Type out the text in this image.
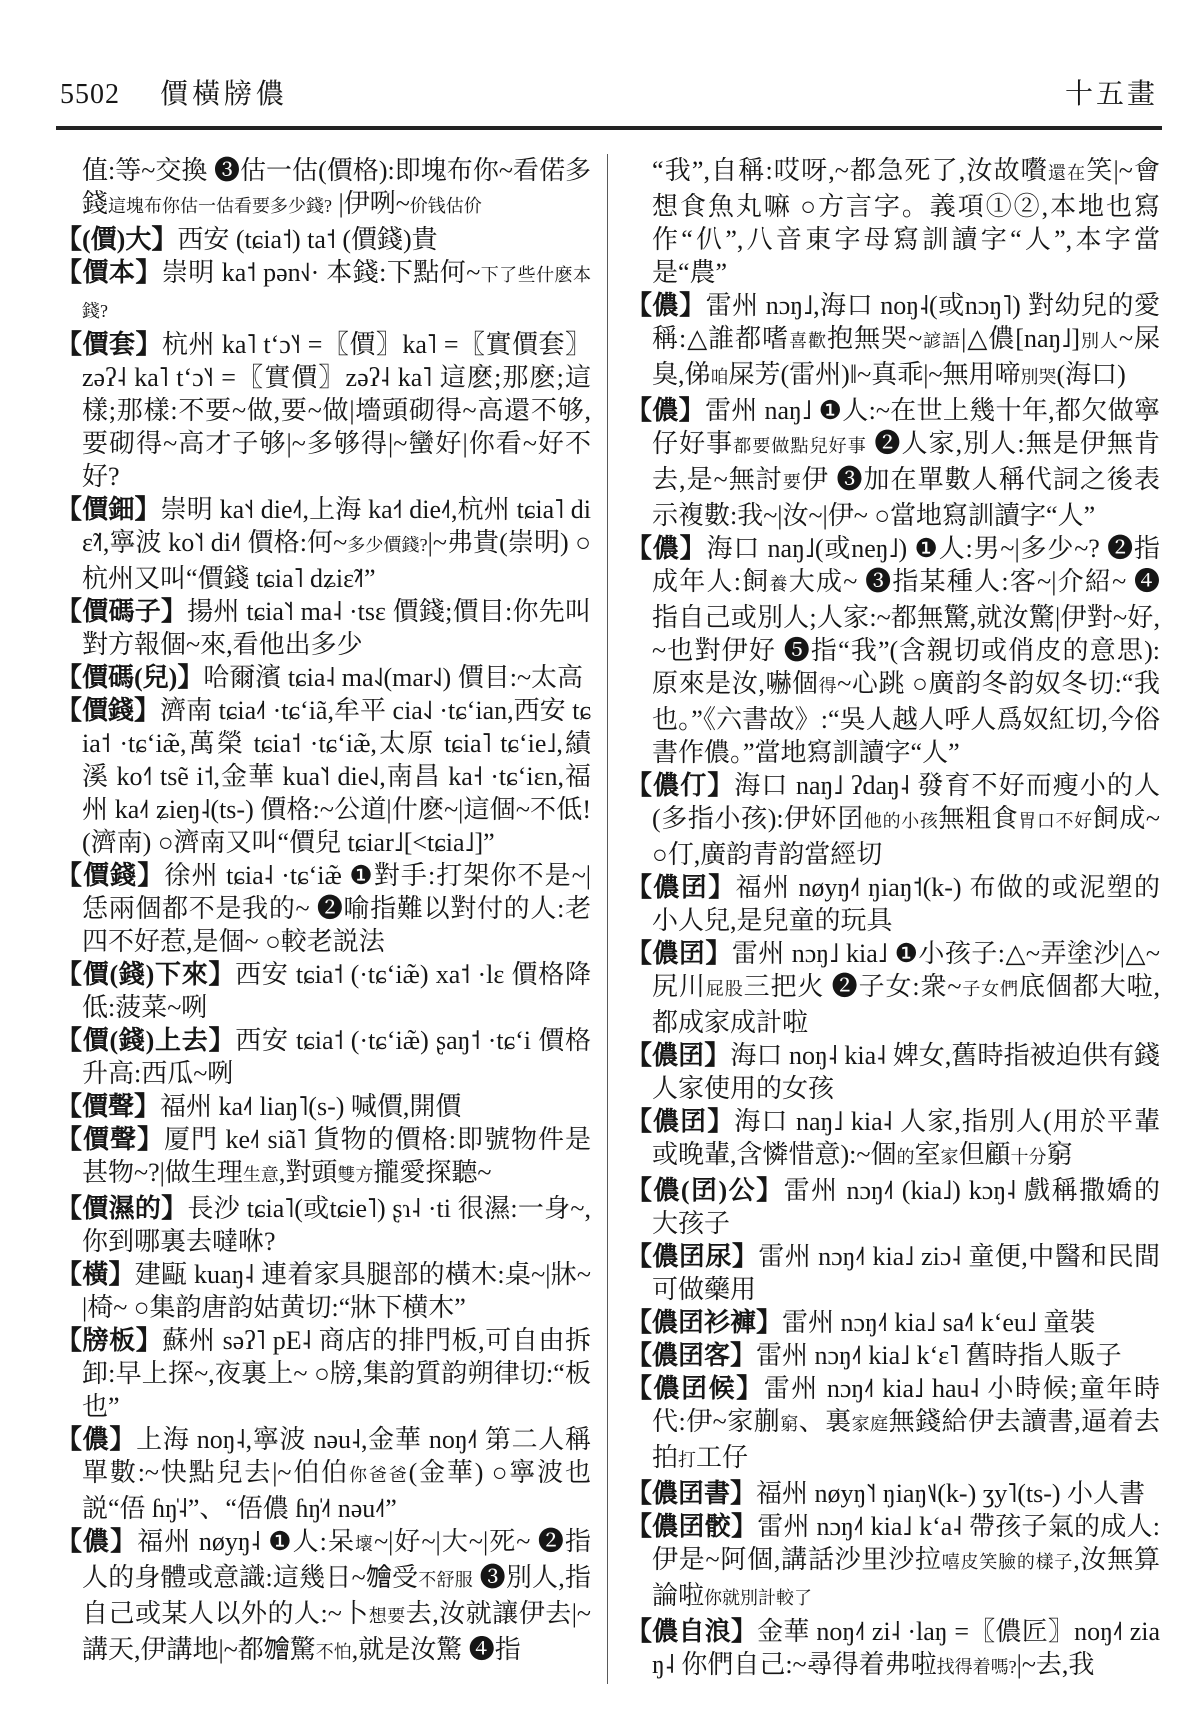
5502 價橫牓儂	十五畫

值:等~交換 ❸估一估(價格):即塊布你~看偌多錢這塊布你估一估看要多少錢? |伊咧~价钱估价

【(價)大】西安 (tɕia˦) ta˦ (價錢)貴

【價本】崇明 ka˦ pən˧˩· 本錢:下點何~下了些什麽本錢?

【價套】杭州 ka˥ tʻɔ˥˧ =〖價〗ka˥ =〖實價套〗zəʔ˨ ka˥ tʻɔ˥˧ =〖實價〗zəʔ˨ ka˥ 這麽;那麽;這樣;那樣:不要~做,要~做|墻頭砌得~高還不够,要砌得~高才子够|~多够得|~蠻好|你看~好不好?

【價鈿】崇明 ka˦˧ die˨˦,上海 ka˧˦ die˨˦,杭州 tɕia˥ diɛ̃˨˦,寧波 ko˥˦ di˨˦ 價格:何~多少價錢?|~弗貴(崇明) ○杭州又叫“價錢 tɕia˥ dʑiɛ̃˨˦”

【價碼子】揚州 tɕia˥˦ ma˨ ·tsɛ 價錢;價目:你先叫對方報個~來,看他出多少

【價碼(兒)】哈爾濱 tɕia˨ ma˨˩(mar˨˩) 價目:~太高

【價錢】濟南 tɕia˨˦ ·tɕʻiã,牟平 cia˨˩ ·tɕʻian,西安 tɕia˦ ·tɕʻiæ̃,萬榮 tɕia˦ ·tɕʻiæ̃,太原 tɕia˥ tɕʻie˩,績溪 ko˧˥ tsẽ i˦,金華 kua˥˦ die˨˩,南昌 ka˧ ·tɕʻiɛn,福州 ka˨˦ ʑieŋ˨(ts-) 價格:~公道|什麽~|這個~不低!(濟南) ○濟南又叫“價兒 tɕiar˩[<tɕia˩]”

【價錢】徐州 tɕia˨ ·tɕʻiæ̃ ❶對手:打架你不是~|恁兩個都不是我的~ ❷喻指難以對付的人:老四不好惹,是個~ ○較老説法

【價(錢)下來】西安 tɕia˦ (·tɕʻiæ̃) xa˦ ·lɛ 價格降低:菠菜~咧

【價(錢)上去】西安 tɕia˦ (·tɕʻiæ̃) ʂaŋ˦ ·tɕʻi 價格升高:西瓜~咧

【價聲】福州 ka˨˦ liaŋ˥(s-) 喊價,開價

【價聲】厦門 ke˨˦ siã˥ 貨物的價格:即號物件是甚物~?|做生理生意,對頭雙方攏愛探聽~

【價濕的】長沙 tɕia˥(或tɕie˥) ʂɿ˨ ·ti 很濕:一身~,你到哪裏去噠咻?

【橫】建甌 kuaŋ˨ 連着家具腿部的橫木:桌~|牀~|椅~ ○集韵唐韵姑黄切:“牀下横木”

【牓板】蘇州 səʔ˥ pE˨ 商店的排門板,可自由拆卸:早上探~,夜裏上~ ○牓,集韵質韵朔律切:“板也”

【儂】上海 noŋ˨,寧波 nəu˨,金華 noŋ˨˦ 第二人稱單數:~快點兒去|~伯伯你爸爸(金華) ○寧波也説“俉 ɦŋ̍˨”、“俉儂 ɦŋ̍˨˦ nəu˨˦”

【儂】福州 nøyŋ˨ ❶人:呆壞~|好~|大~|死~ ❷指人的身體或意識:這幾日~𣍐受不舒服 ❸別人,指自己或某人以外的人:~卜想要去,汝就讓伊去|~講天,伊講地|~都𣍐驚不怕,就是汝驚 ❹指

“我”,自稱:哎呀,~都急死了,汝故嚽還在笑|~會想食魚丸嘛 ○方言字。義項①②,本地也寫作“仈”,八音東字母寫訓讀字“人”,本字當是“農”

【儂】雷州 nɔŋ˩,海口 noŋ˨(或nɔŋ˥) 對幼兒的愛稱:△誰都嗜喜歡抱無哭~諺語|△儂[naŋ˩]別人~屎臭,俤咱屎芳(雷州)‖~真乖|~無用啼別哭(海口)

【儂】雷州 naŋ˩ ❶人:~在世上幾十年,都欠做寧仔好事都要做點兒好事 ❷人家,別人:無是伊無肯去,是~無討要伊 ❸加在單數人稱代詞之後表示複數:我~|汝~|伊~ ○當地寫訓讀字“人”

【儂】海口 naŋ˩(或neŋ˩) ❶人:男~|多少~? ❷指成年人:飼養大成~ ❸指某種人:客~|介紹~ ❹指自己或別人;人家:~都無驚,就汝驚|伊對~好,~也對伊好 ❺指“我”(含親切或俏皮的意思):原來是汝,嚇個得~心跳 ○廣韵冬韵奴冬切:“我也。”《六書故》:“吳人越人呼人爲奴紅切,今俗書作儂。”當地寫訓讀字“人”

【儂仃】海口 naŋ˩ ʔdaŋ˨ 發育不好而瘦小的人(多指小孩):伊妚囝他的小孩無粗食胃口不好飼成~ ○仃,廣韵青韵當經切

【儂囝】福州 nøyŋ˨˦ ŋiaŋ˦(k-) 布做的或泥塑的小人兒,是兒童的玩具

【儂囝】雷州 nɔŋ˩ kia˩ ❶小孩子:△~弄塗沙|△~尻川屁股三把火 ❷子女:衆~子女們底個都大啦,都成家成計啦

【儂囝】海口 noŋ˨ kia˨ 婢女,舊時指被迫供有錢人家使用的女孩

【儂囝】海口 naŋ˩ kia˨ 人家,指別人(用於平輩或晚輩,含憐惜意):~個的室家但顧十分窮

【儂(囝)公】雷州 nɔŋ˨˦ (kia˩) kɔŋ˨ 戲稱撒嬌的大孩子

【儂囝尿】雷州 nɔŋ˨˦ kia˩ ziɔ˨ 童便,中醫和民間可做藥用

【儂囝衫褲】雷州 nɔŋ˨˦ kia˩ sa˨˥ kʻeu˩ 童裝

【儂囝客】雷州 nɔŋ˨˦ kia˩ kʻɛ˥ 舊時指人販子

【儂囝候】雷州 nɔŋ˨˦ kia˩ hau˨ 小時候;童年時代:伊~家蒯窮、裏家庭無錢給伊去讀書,逼着去拍打工仔

【儂囝書】福州 nøyŋ˥˦ ŋiaŋ˦˩(k-) ʒy˥(ts-) 小人書

【儂囝骹】雷州 nɔŋ˨˦ kia˩ kʻa˨ 帶孩子氣的成人:伊是~阿個,講話沙里沙拉嘻皮笑臉的樣子,汝無算論啦你就別計較了

【儂自浪】金華 noŋ˨˦ zi˨ ·laŋ =〖儂匠〗noŋ˨˦ ziaŋ˨ 你們自己:~尋得着弗啦找得着嗎?|~去,我
